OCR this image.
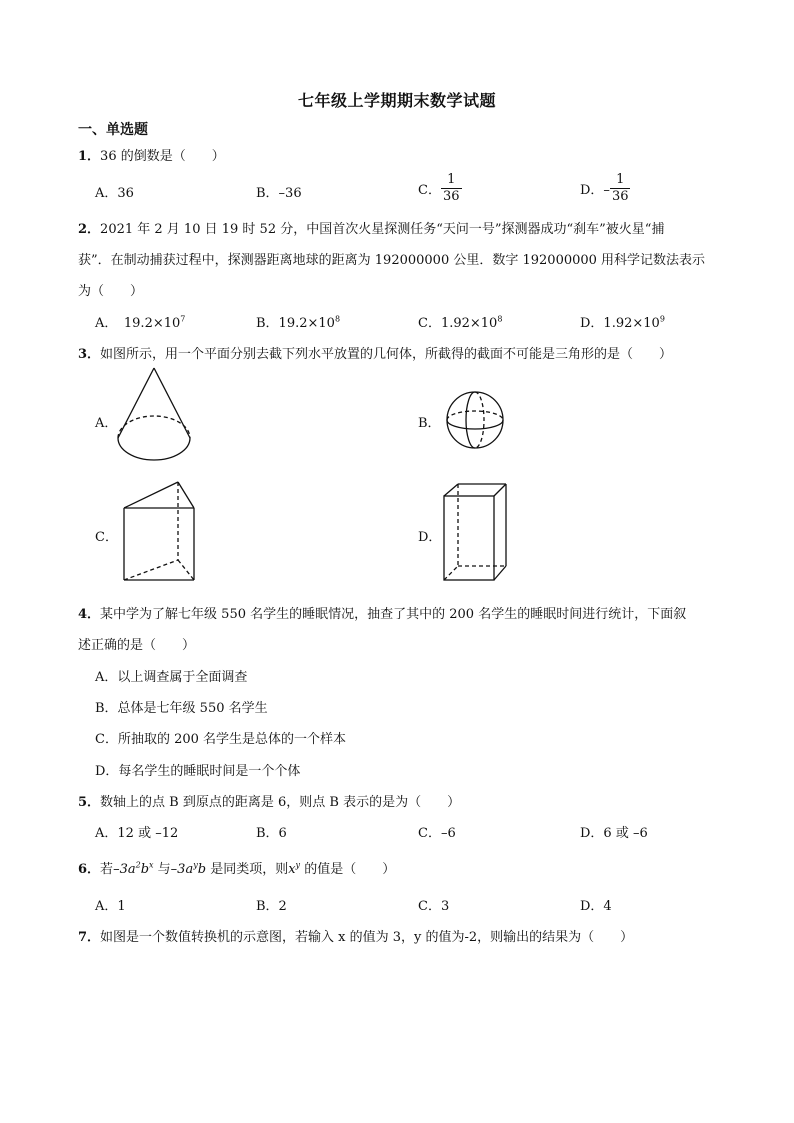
七年级上学期期末数学试题
一、单选题
1．36 的倒数是（　　）
A．36	B．–36	C． $\frac{1}{36}$	D．– $\frac{1}{36}$
2．2021 年 2 月 10 日 19 时 52 分，中国首次火星探测任务“天问一号”探测器成功“刹车”被火星“捕
获”．在制动捕获过程中，探测器距离地球的距离为 192000000 公里．数字 192000000 用科学记数法表示
为（　　）
A．　$19.2\times 10^7$	B．$19.2\times 10^8$	C．$1.92\times 10^8$	D．$1.92\times 10^9$
3．如图所示，用一个平面分别去截下列水平放置的几何体，所截得的截面不可能是三角形的是（　　）
A．	B．
C．	D．
4．某中学为了解七年级 550 名学生的睡眠情况，抽查了其中的 200 名学生的睡眠时间进行统计，下面叙
述正确的是（　　）
A．以上调查属于全面调查
B．总体是七年级 550 名学生
C．所抽取的 200 名学生是总体的一个样本
D．每名学生的睡眠时间是一个个体
5．数轴上的点 B 到原点的距离是 6，则点 B 表示的是为（　　）
A．12 或 –12	B．6	C．–6	D．6 或 –6
6．若$-3a^2b^x$ 与$-3a^yb$ 是同类项，则$x^y$ 的值是（　　）
A．1	B．2	C．3	D．4
7．如图是一个数值转换机的示意图，若输入 x 的值为 3，y 的值为-2，则输出的结果为（　　）
